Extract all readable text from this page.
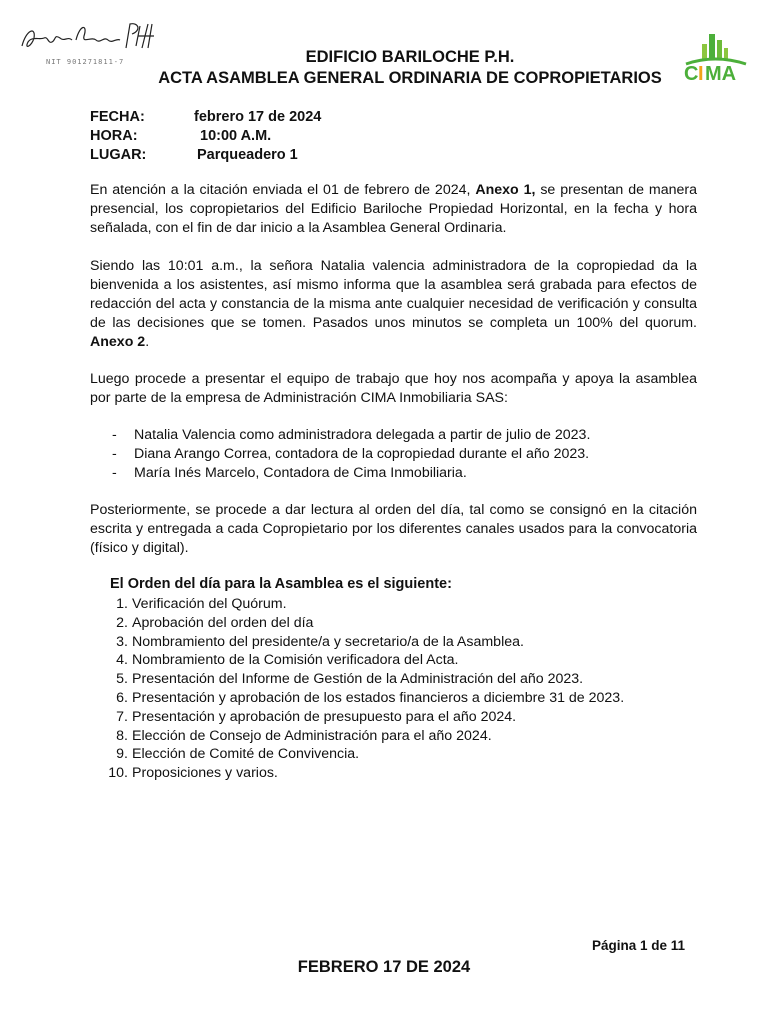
NIT 901271811-7
C I MA
EDIFICIO BARILOCHE P.H.
ACTA ASAMBLEA GENERAL ORDINARIA DE COPROPIETARIOS
FECHA:	febrero 17 de 2024
HORA:	10:00 A.M.
LUGAR:	Parqueadero 1
En atención a la citación enviada el 01 de febrero de 2024, Anexo 1, se presentan de manera presencial, los copropietarios del Edificio Bariloche Propiedad Horizontal, en la fecha y hora señalada, con el fin de dar inicio a la Asamblea General Ordinaria.
Siendo las 10:01 a.m., la señora Natalia valencia administradora de la copropiedad da la bienvenida a los asistentes, así mismo informa que la asamblea será grabada para efectos de redacción del acta y constancia de la misma ante cualquier necesidad de verificación y consulta de las decisiones que se tomen. Pasados unos minutos se completa un 100% del quorum. Anexo 2.
Luego procede a presentar el equipo de trabajo que hoy nos acompaña y apoya la asamblea por parte de la empresa de Administración CIMA Inmobiliaria SAS:
-	Natalia Valencia como administradora delegada a partir de julio de 2023.
-	Diana Arango Correa, contadora de la copropiedad durante el año 2023.
-	María Inés Marcelo, Contadora de Cima Inmobiliaria.
Posteriormente, se procede a dar lectura al orden del día, tal como se consignó en la citación escrita y entregada a cada Copropietario por los diferentes canales usados para la convocatoria (físico y digital).
El Orden del día para la Asamblea es el siguiente:
1. Verificación del Quórum.
2. Aprobación del orden del día
3. Nombramiento del presidente/a y secretario/a de la Asamblea.
4. Nombramiento de la Comisión verificadora del Acta.
5. Presentación del Informe de Gestión de la Administración del año 2023.
6. Presentación y aprobación de los estados financieros a diciembre 31 de 2023.
7. Presentación y aprobación de presupuesto para el año 2024.
8. Elección de Consejo de Administración para el año 2024.
9. Elección de Comité de Convivencia.
10. Proposiciones y varios.
Página 1 de 11
FEBRERO 17 DE 2024
